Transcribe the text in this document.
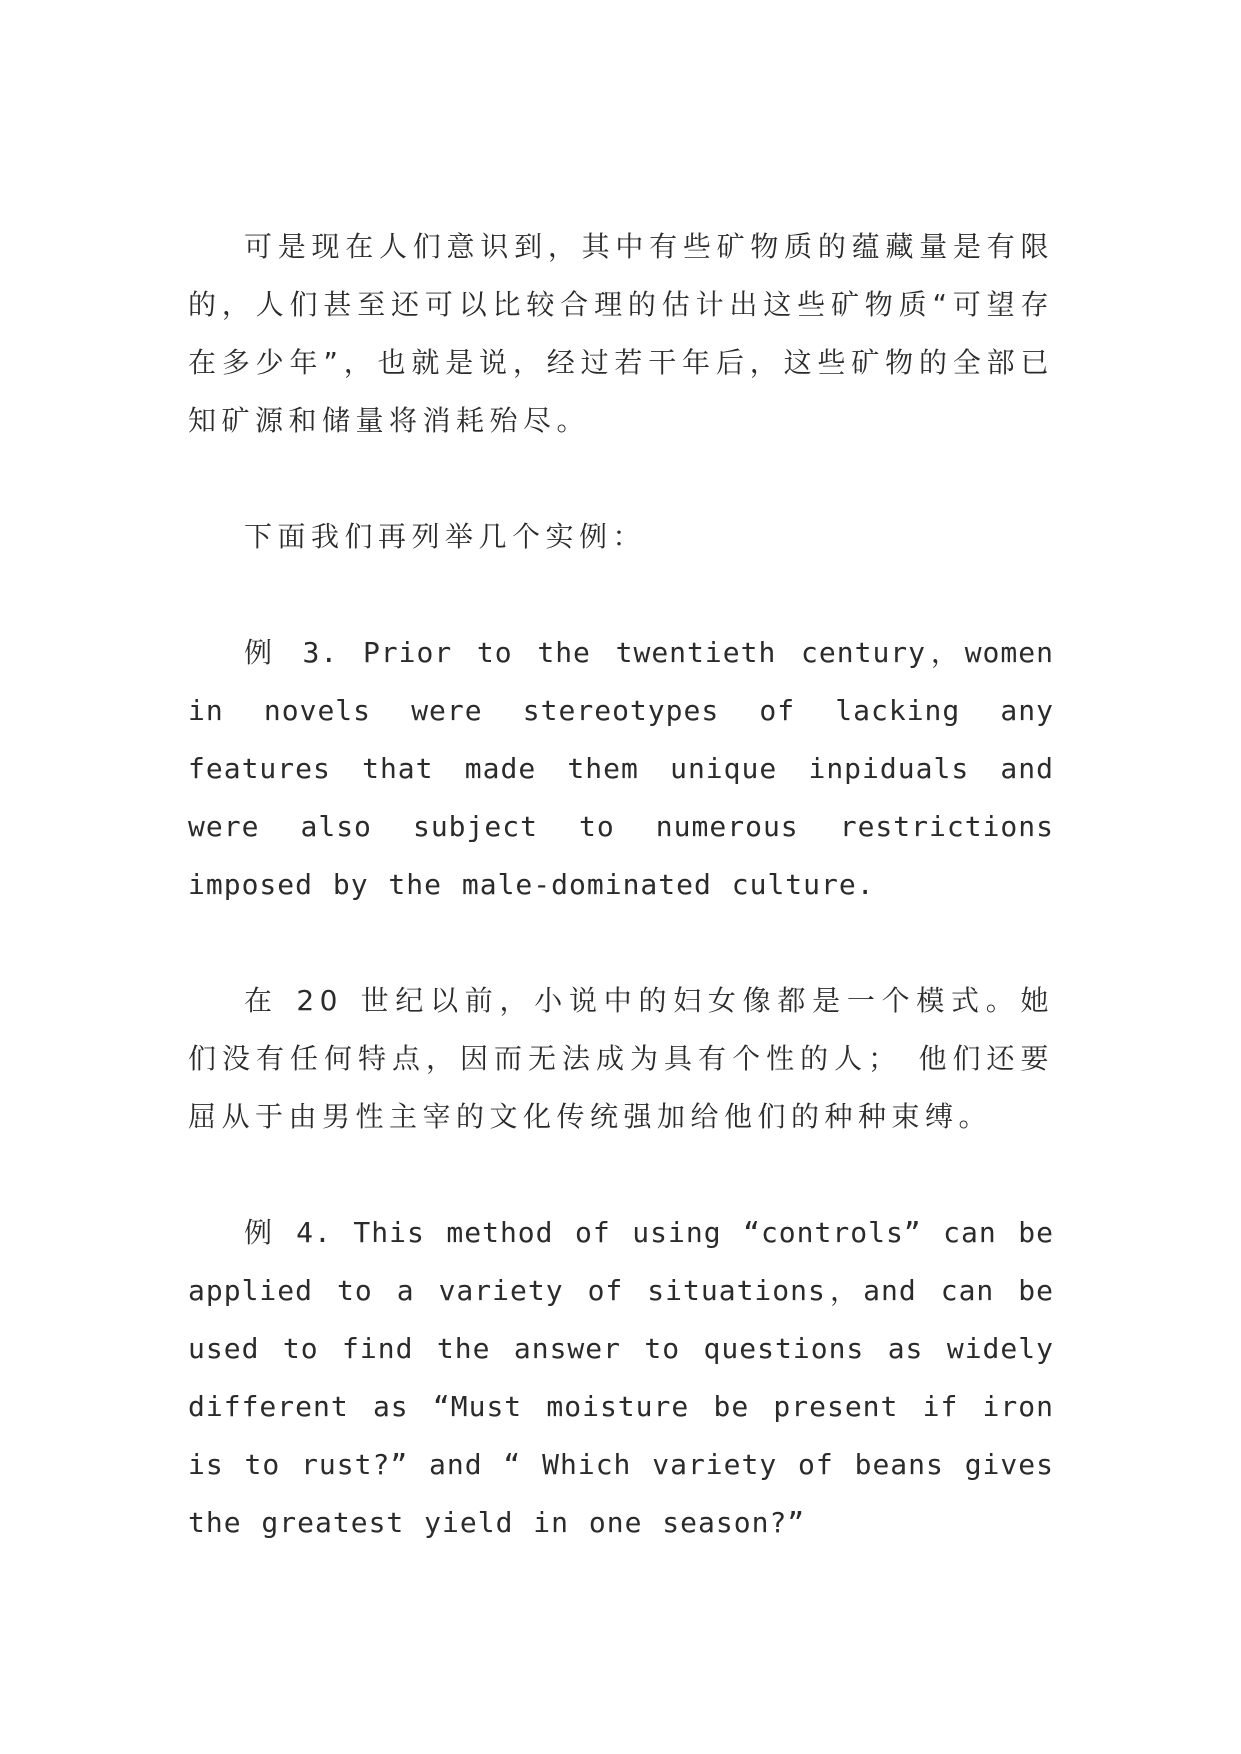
可是现在人们意识到，其中有些矿物质的蕴藏量是有限的，人们甚至还可以比较合理的估计出这些矿物质“可望存在多少年”，也就是说，经过若干年后，这些矿物的全部已知矿源和储量将消耗殆尽。

下面我们再列举几个实例：

例 3. Prior to the twentieth century，women in novels were stereotypes of lacking any features that made them unique inpiduals and were also subject to numerous restrictions imposed by the male-dominated culture.

在 20 世纪以前，小说中的妇女像都是一个模式。她们没有任何特点，因而无法成为具有个性的人； 他们还要屈从于由男性主宰的文化传统强加给他们的种种束缚。

例 4. This method of using “controls” can be applied to a variety of situations，and can be used to find the answer to questions as widely different as “Must moisture be present if iron is to rust?” and “ Which variety of beans gives the greatest yield in one season?”
